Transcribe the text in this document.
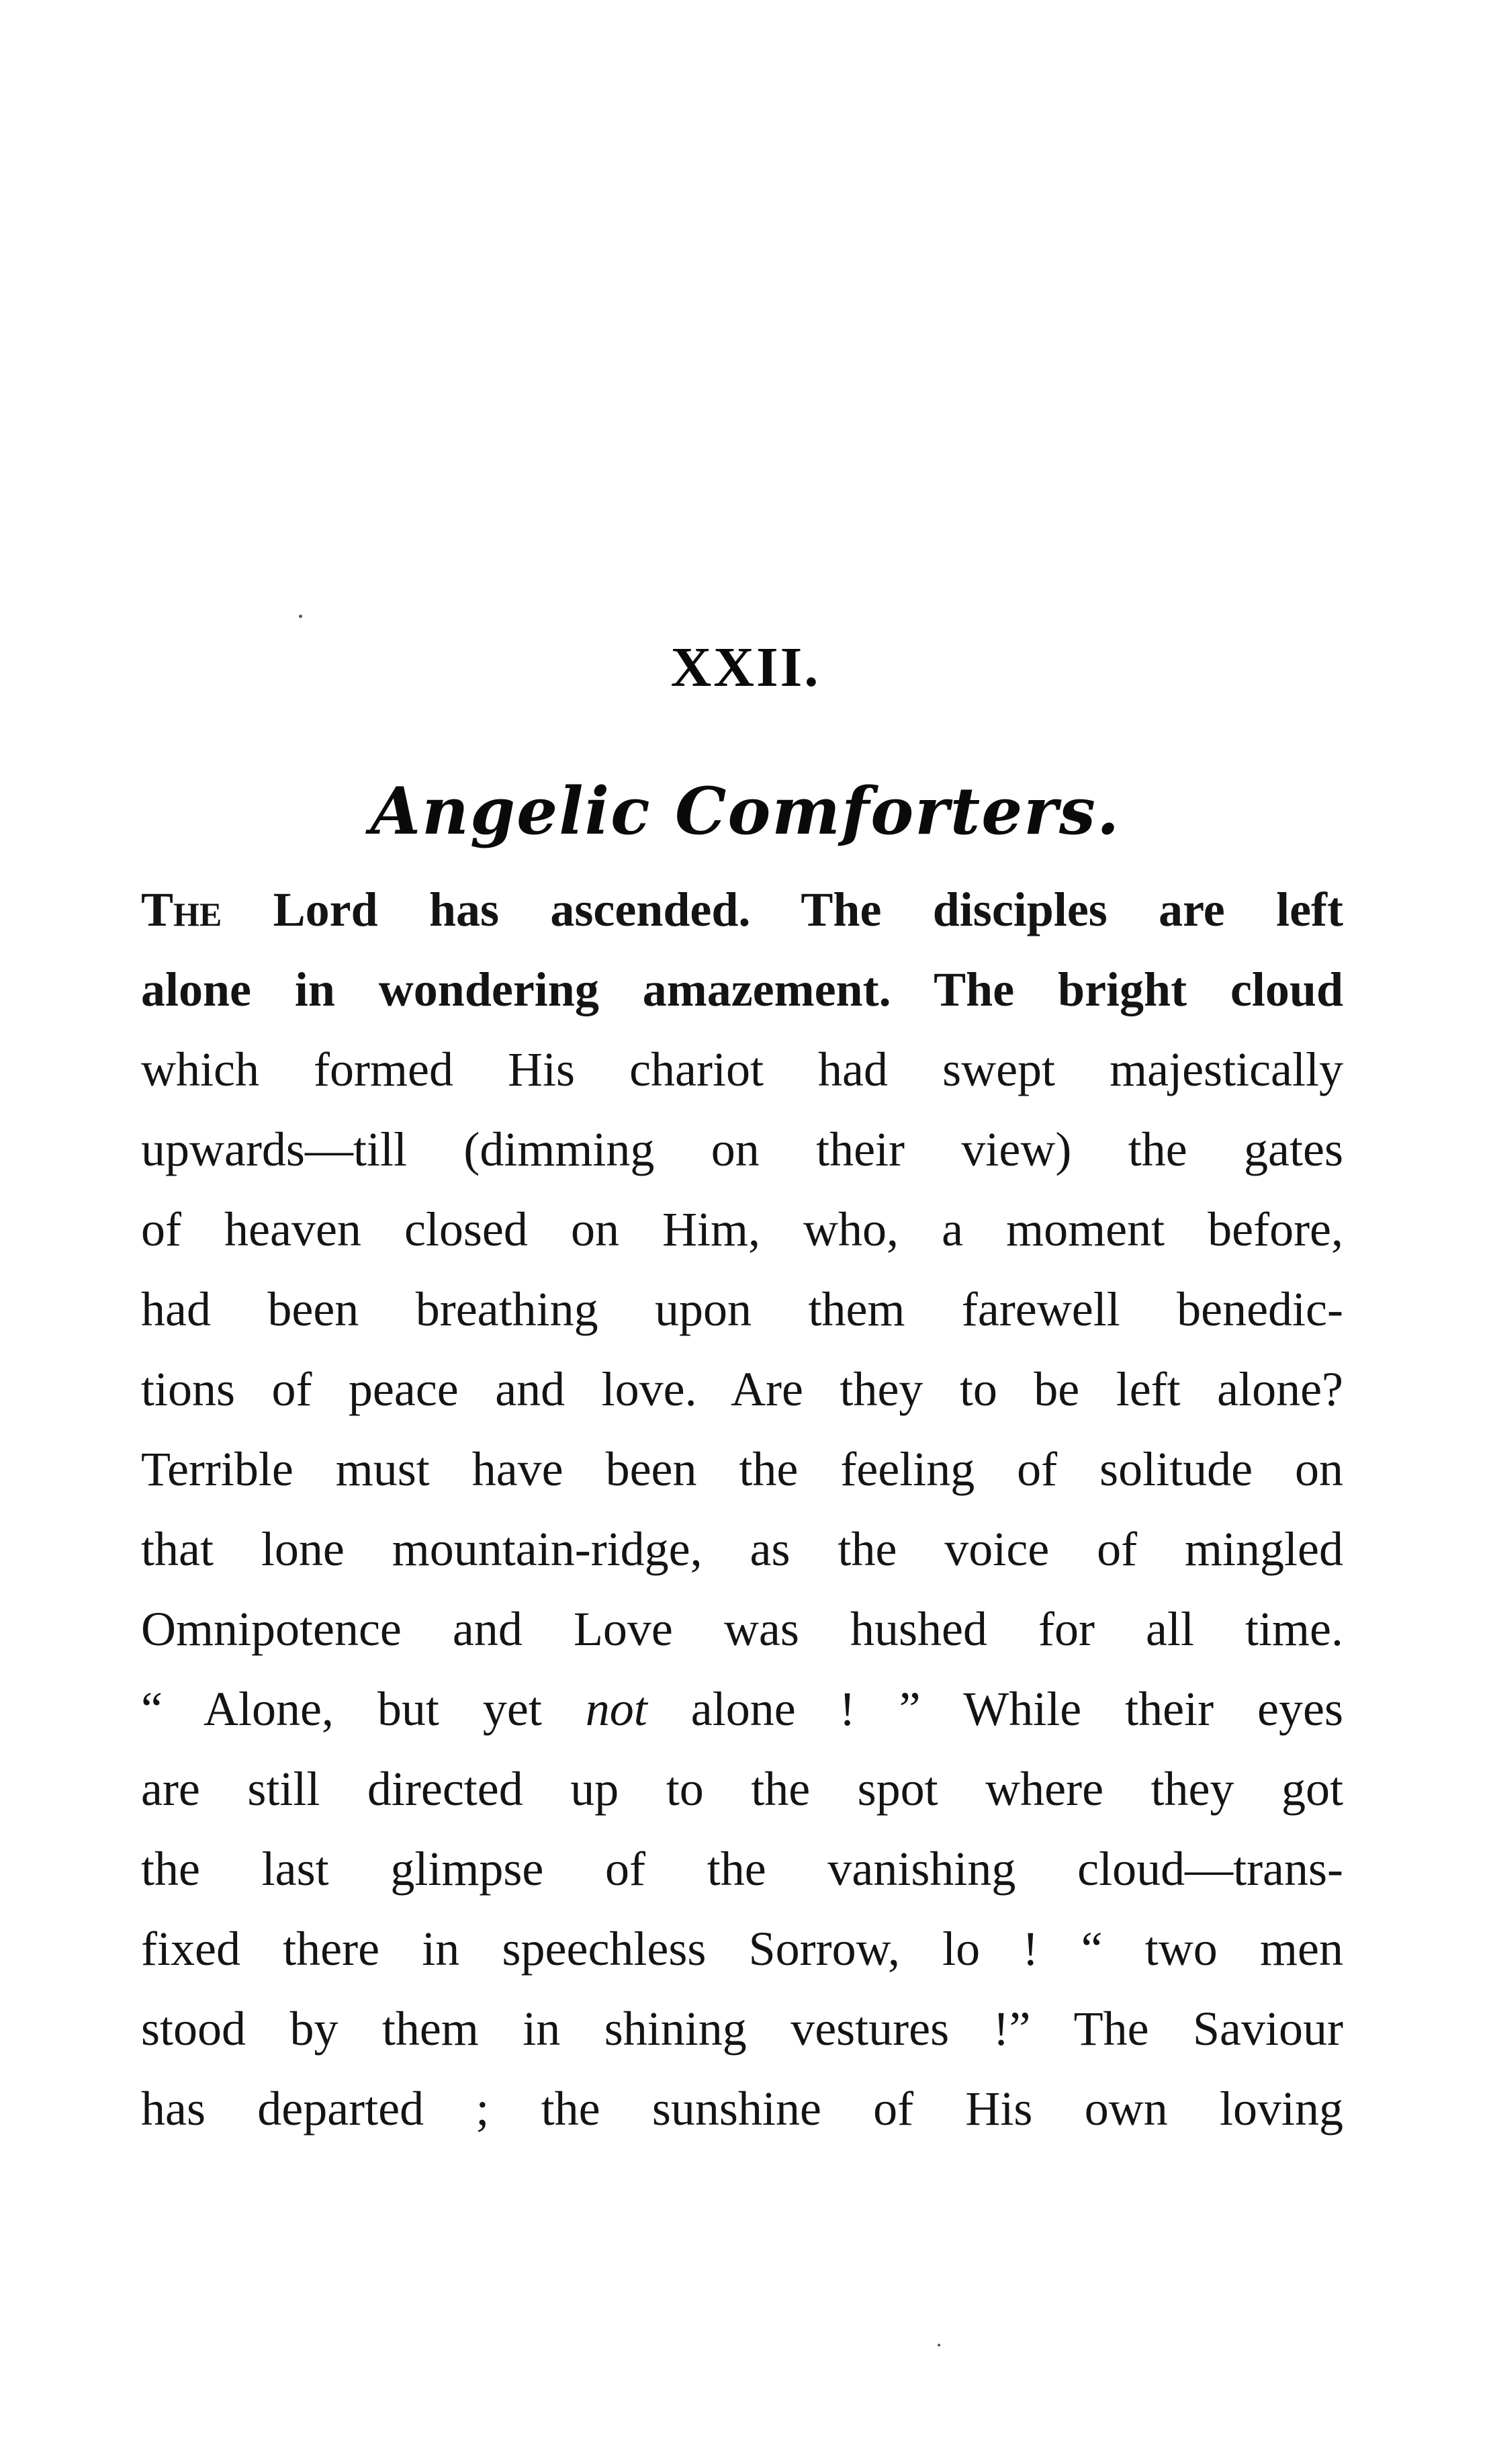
XXII.
Angelic Comforters.
The Lord has ascended. The disciples are left
alone in wondering amazement. The bright cloud
which formed His chariot had swept majestically
upwards—till (dimming on their view) the gates
of heaven closed on Him, who, a moment before,
had been breathing upon them farewell benedic-
tions of peace and love. Are they to be left alone?
Terrible must have been the feeling of solitude on
that lone mountain-ridge, as the voice of mingled
Omnipotence and Love was hushed for all time.
“ Alone, but yet not alone ! ” While their eyes
are still directed up to the spot where they got
the last glimpse of the vanishing cloud—trans-
fixed there in speechless Sorrow, lo ! “ two men
stood by them in shining vestures !” The Saviour
has departed ; the sunshine of His own loving
